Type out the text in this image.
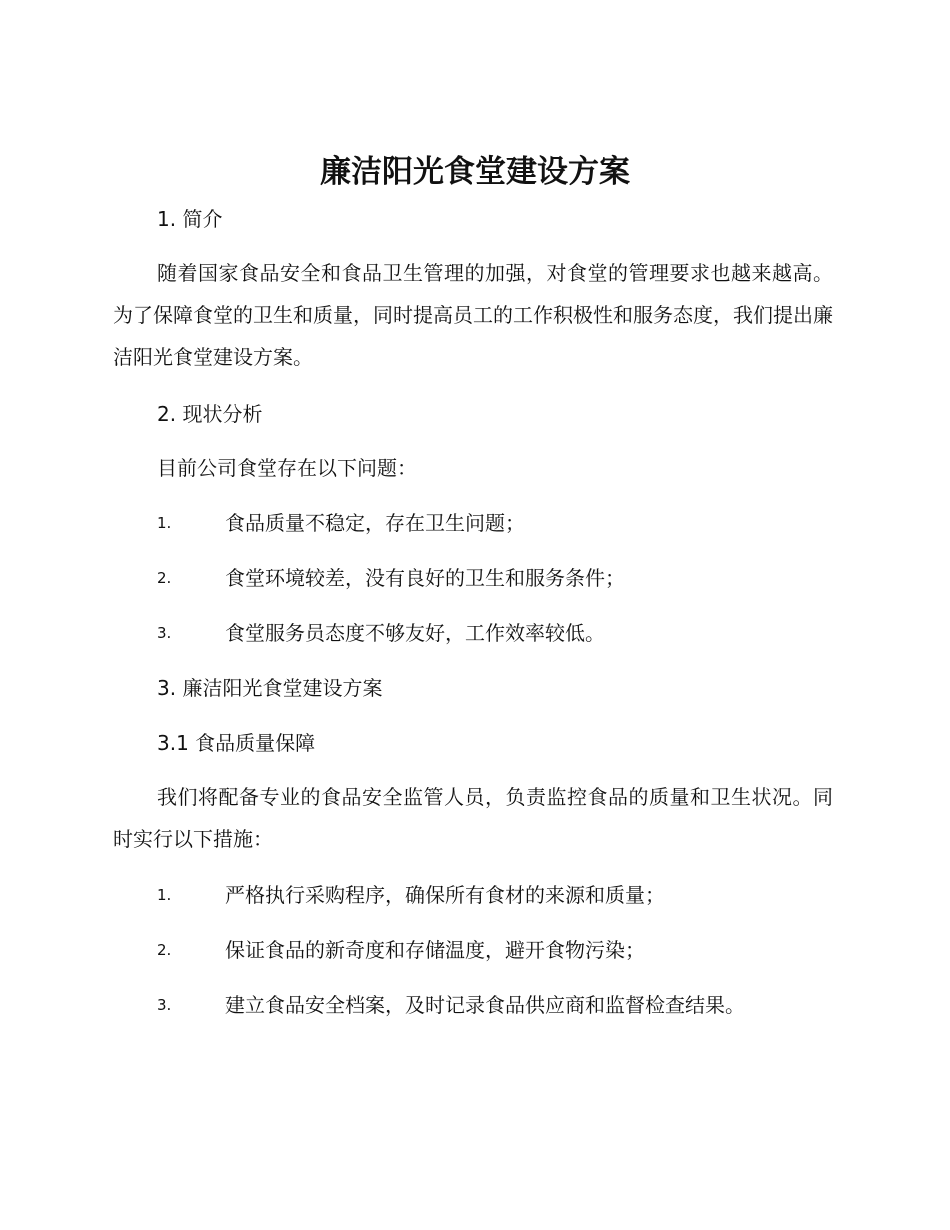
廉洁阳光食堂建设方案
1. 简介

随着国家食品安全和食品卫生管理的加强，对食堂的管理要求也越来越高。为了保障食堂的卫生和质量，同时提高员工的工作积极性和服务态度，我们提出廉洁阳光食堂建设方案。

2. 现状分析

目前公司食堂存在以下问题：

1.	食品质量不稳定，存在卫生问题；
2.	食堂环境较差，没有良好的卫生和服务条件；
3.	食堂服务员态度不够友好，工作效率较低。
3. 廉洁阳光食堂建设方案
3.1 食品质量保障

我们将配备专业的食品安全监管人员，负责监控食品的质量和卫生状况。同时实行以下措施：

1.	严格执行采购程序，确保所有食材的来源和质量；
2.	保证食品的新奇度和存储温度，避开食物污染；
3.	建立食品安全档案，及时记录食品供应商和监督检查结果。
